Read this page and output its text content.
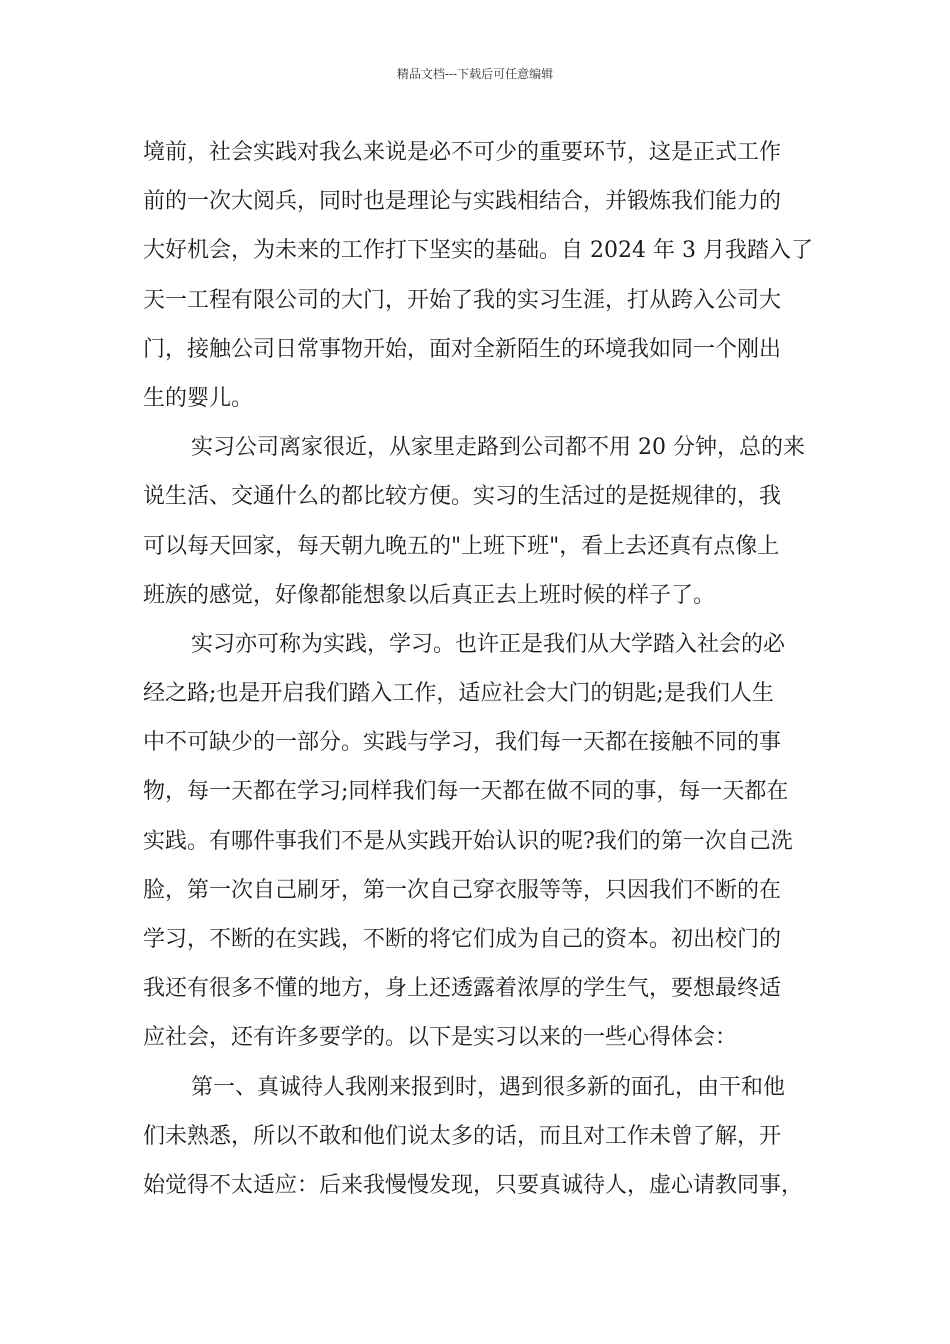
精品文档---下载后可任意编辑
境前，社会实践对我么来说是必不可少的重要环节，这是正式工作
前的一次大阅兵，同时也是理论与实践相结合，并锻炼我们能力的
大好机会，为未来的工作打下坚实的基础。自 2024 年 3 月我踏入了
天一工程有限公司的大门，开始了我的实习生涯，打从跨入公司大
门，接触公司日常事物开始，面对全新陌生的环境我如同一个刚出
生的婴儿。
实习公司离家很近，从家里走路到公司都不用 20 分钟，总的来
说生活、交通什么的都比较方便。实习的生活过的是挺规律的，我
可以每天回家，每天朝九晚五的"上班下班"，看上去还真有点像上
班族的感觉，好像都能想象以后真正去上班时候的样子了。
实习亦可称为实践，学习。也许正是我们从大学踏入社会的必
经之路;也是开启我们踏入工作，适应社会大门的钥匙;是我们人生
中不可缺少的一部分。实践与学习，我们每一天都在接触不同的事
物，每一天都在学习;同样我们每一天都在做不同的事，每一天都在
实践。有哪件事我们不是从实践开始认识的呢?我们的第一次自己洗
脸，第一次自己刷牙，第一次自己穿衣服等等，只因我们不断的在
学习，不断的在实践，不断的将它们成为自己的资本。初出校门的
我还有很多不懂的地方，身上还透露着浓厚的学生气，要想最终适
应社会，还有许多要学的。以下是实习以来的一些心得体会：
第一、真诚待人我刚来报到时，遇到很多新的面孔，由干和他
们未熟悉，所以不敢和他们说太多的话，而且对工作未曾了解，开
始觉得不太适应：后来我慢慢发现，只要真诚待人，虚心请教同事，
